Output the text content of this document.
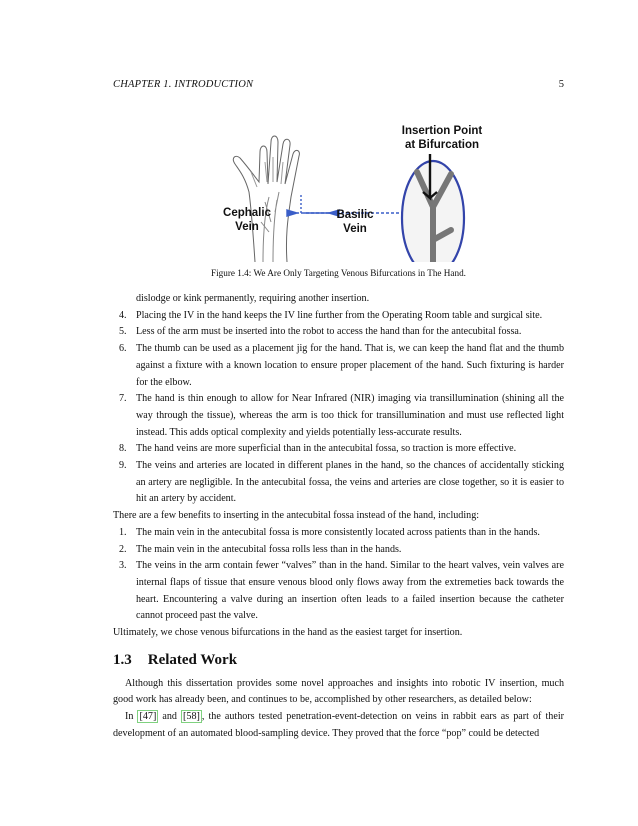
CHAPTER 1. INTRODUCTION	5
Insertion Point
at Bifurcation
Cephalic
Vein
Basilic
Vein
Figure 1.4: We Are Only Targeting Venous Bifurcations in The Hand.

dislodge or kink permanently, requiring another insertion.

4. Placing the IV in the hand keeps the IV line further from the Operating Room table and surgical site.
5. Less of the arm must be inserted into the robot to access the hand than for the antecubital fossa.
6. The thumb can be used as a placement jig for the hand. That is, we can keep the hand flat and the thumb against a fixture with a known location to ensure proper placement of the hand. Such fixturing is harder for the elbow.
7. The hand is thin enough to allow for Near Infrared (NIR) imaging via transillumination (shining all the way through the tissue), whereas the arm is too thick for transillumination and must use reflected light instead. This adds optical complexity and yields potentially less-accurate results.
8. The hand veins are more superficial than in the antecubital fossa, so traction is more effective.
9. The veins and arteries are located in different planes in the hand, so the chances of accidentally sticking an artery are negligible. In the antecubital fossa, the veins and arteries are close together, so it is easier to hit an artery by accident.

There are a few benefits to inserting in the antecubital fossa instead of the hand, including:

1. The main vein in the antecubital fossa is more consistently located across patients than in the hands.
2. The main vein in the antecubital fossa rolls less than in the hands.
3. The veins in the arm contain fewer “valves” than in the hand. Similar to the heart valves, vein valves are internal flaps of tissue that ensure venous blood only flows away from the extremeties back towards the heart. Encountering a valve during an insertion often leads to a failed insertion because the catheter cannot proceed past the valve.

Ultimately, we chose venous bifurcations in the hand as the easiest target for insertion.

1.3 Related Work

Although this dissertation provides some novel approaches and insights into robotic IV insertion, much good work has already been, and continues to be, accomplished by other researchers, as detailed below:

In [47] and [58] , the authors tested penetration-event-detection on veins in rabbit ears as part of their development of an automated blood-sampling device. They proved that the force “pop” could be detected
